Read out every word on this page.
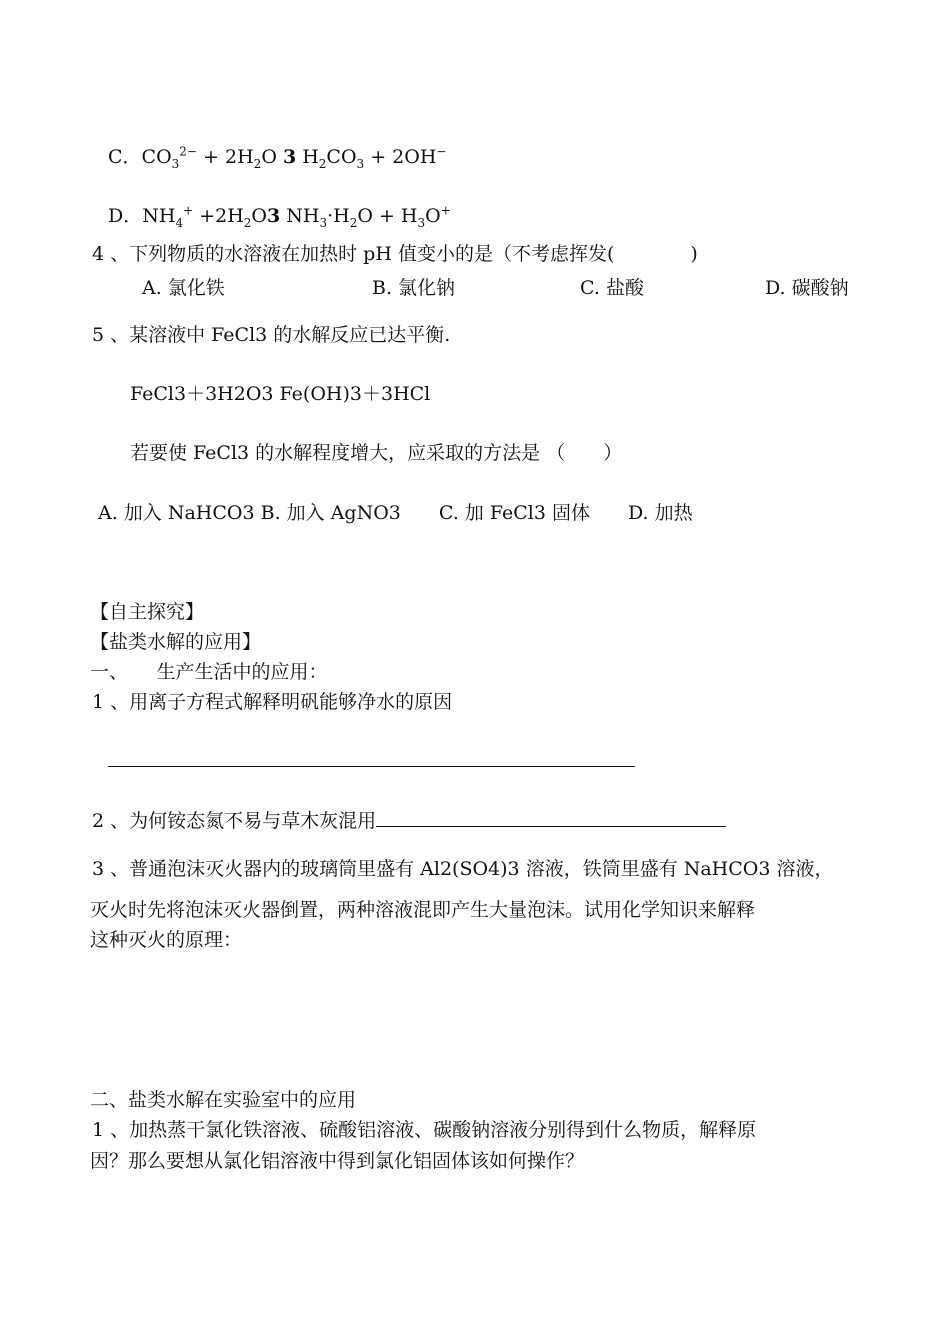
C．$CO_3^{2-} + 2H_2O$ 3 $H_2CO_3 + 2OH^-$
D．$NH_4^+ +2H_2O3$ $NH_3\cdot H_2O + H_3O^+$
4 、下列物质的水溶液在加热时 pH 值变小的是（不考虑挥发(　　　　)
A. 氯化铁	B. 氯化钠	C. 盐酸	D. 碳酸钠
5 、某溶液中 FeCl3 的水解反应已达平衡.
FeCl3＋3H2O3 Fe(OH)3＋3HCl
若要使 FeCl3 的水解程度增大，应采取的方法是 （　　）
A. 加入 NaHCO3 B. 加入 AgNO3　　C. 加 FeCl3 固体　　D. 加热
【自主探究】
【盐类水解的应用】
一、　　生产生活中的应用：
1 、用离子方程式解释明矾能够净水的原因
2 、为何铵态氮不易与草木灰混用
3 、普通泡沫灭火器内的玻璃筒里盛有 Al2(SO4)3 溶液，铁筒里盛有 NaHCO3 溶液，
灭火时先将泡沫灭火器倒置，两种溶液混即产生大量泡沫。试用化学知识来解释
这种灭火的原理：
二、盐类水解在实验室中的应用
1 、加热蒸干氯化铁溶液、硫酸铝溶液、碳酸钠溶液分别得到什么物质，解释原
因？那么要想从氯化铝溶液中得到氯化铝固体该如何操作？
